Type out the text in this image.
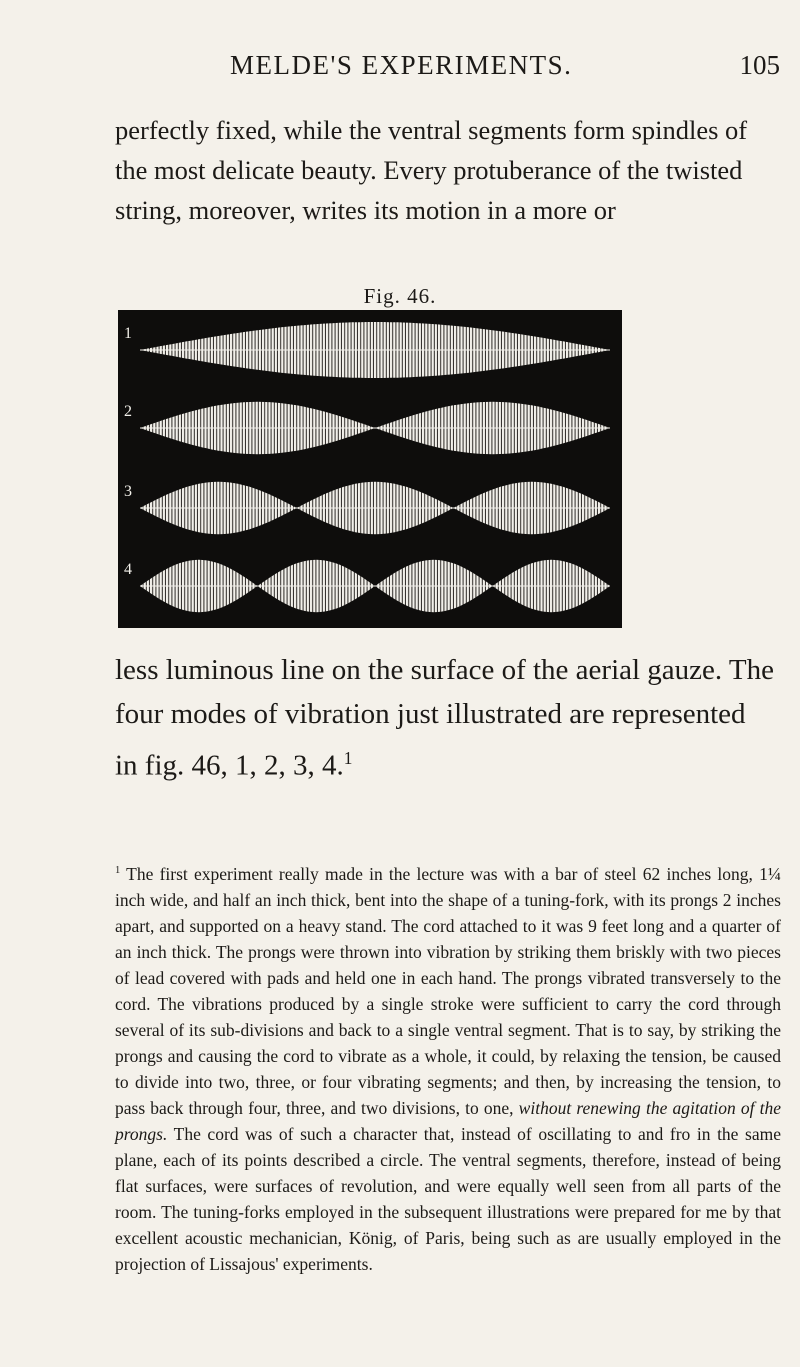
MELDE'S EXPERIMENTS.	105

perfectly fixed, while the ventral segments form spindles of the most delicate beauty. Every protuberance of the twisted string, moreover, writes its motion in a more or

Fig. 46.
1
2
3
4

less luminous line on the surface of the aerial gauze. The four modes of vibration just illustrated are represented in fig. 46, 1, 2, 3, 4.$^1$

$^1$ The first experiment really made in the lecture was with a bar of steel 62 inches long, 1¼ inch wide, and half an inch thick, bent into the shape of a tuning-fork, with its prongs 2 inches apart, and supported on a heavy stand. The cord attached to it was 9 feet long and a quarter of an inch thick. The prongs were thrown into vibration by striking them briskly with two pieces of lead covered with pads and held one in each hand. The prongs vibrated transversely to the cord. The vibrations produced by a single stroke were sufficient to carry the cord through several of its sub-divisions and back to a single ventral segment. That is to say, by striking the prongs and causing the cord to vibrate as a whole, it could, by relaxing the tension, be caused to divide into two, three, or four vibrating segments; and then, by increasing the tension, to pass back through four, three, and two divisions, to one, without renewing the agitation of the prongs. The cord was of such a character that, instead of oscillating to and fro in the same plane, each of its points described a circle. The ventral segments, therefore, instead of being flat surfaces, were surfaces of revolution, and were equally well seen from all parts of the room. The tuning-forks employed in the subsequent illustrations were prepared for me by that excellent acoustic mechanician, König, of Paris, being such as are usually employed in the projection of Lissajous' experiments.
